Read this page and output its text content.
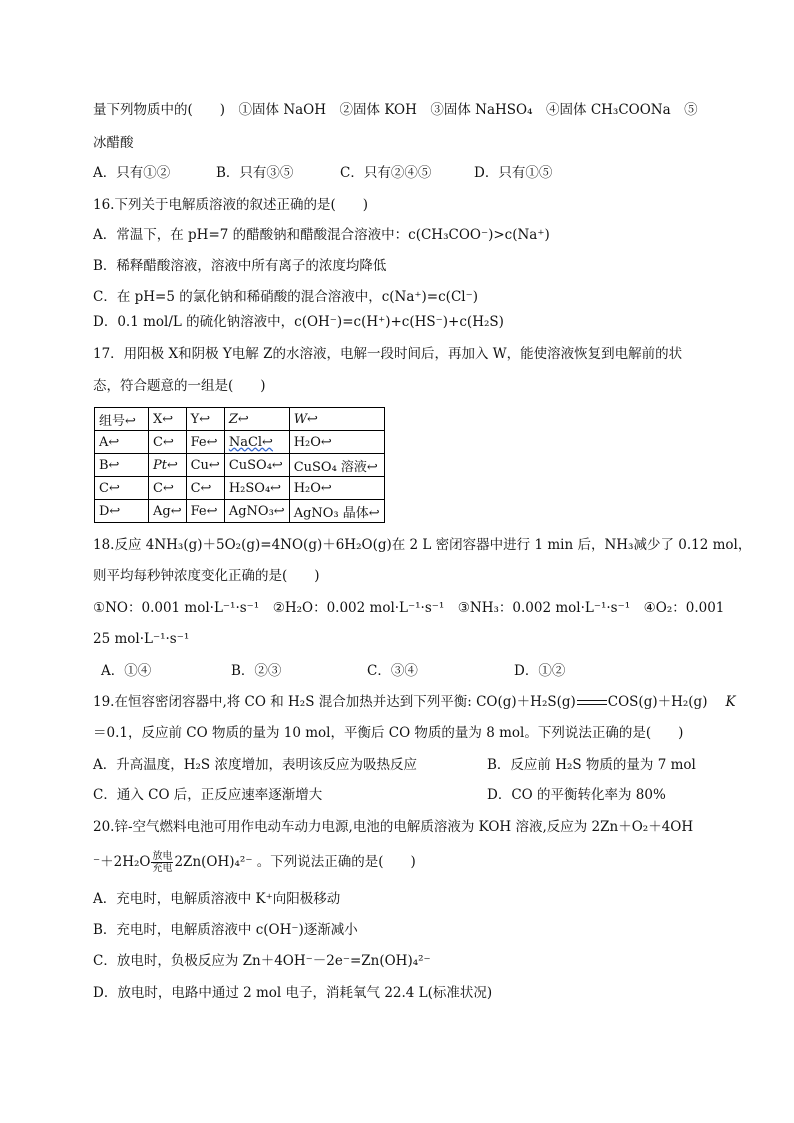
量下列物质中的(　　)　①固体 NaOH　②固体 KOH　③固体 NaHSO₄　④固体 CH₃COONa　⑤
冰醋酸
A．只有①②	B．只有③⑤	C．只有②④⑤	D．只有①⑤
16.下列关于电解质溶液的叙述正确的是(　　)
A．常温下，在 pH=7 的醋酸钠和醋酸混合溶液中：c(CH₃COO⁻)>c(Na⁺)
B．稀释醋酸溶液，溶液中所有离子的浓度均降低
C．在 pH=5 的氯化钠和稀硝酸的混合溶液中，c(Na⁺)=c(Cl⁻)
D．0.1 mol/L 的硫化钠溶液中，c(OH⁻)=c(H⁺)+c(HS⁻)+c(H₂S)
17．用阳极 X和阴极 Y电解 Z的水溶液，电解一段时间后，再加入 W，能使溶液恢复到电解前的状
态，符合题意的一组是(　　)
组号↩	X↩	Y↩	Z↩	W↩
A↩	C↩	Fe↩	NaCl↩	H₂O↩
B↩	Pt↩	Cu↩	CuSO₄↩	CuSO₄ 溶液↩
C↩	C↩	C↩	H₂SO₄↩	H₂O↩
D↩	Ag↩	Fe↩	AgNO₃↩	AgNO₃ 晶体↩
18.反应 4NH₃(g)＋5O₂(g)=4NO(g)＋6H₂O(g)在 2 L 密闭容器中进行 1 min 后，NH₃减少了 0.12 mol，
则平均每秒钟浓度变化正确的是(　　)
①NO：0.001 mol·L⁻¹·s⁻¹　②H₂O：0.002 mol·L⁻¹·s⁻¹　③NH₃：0.002 mol·L⁻¹·s⁻¹　④O₂：0.001
25 mol·L⁻¹·s⁻¹
A．①④	B．②③	C．③④	D．①②
19.在恒容密闭容器中,将 CO 和 H₂S 混合加热并达到下列平衡: CO(g)＋H₂S(g) COS(g)＋H₂(g) K
＝0.1，反应前 CO 物质的量为 10 mol，平衡后 CO 物质的量为 8 mol。下列说法正确的是(　　)
A．升高温度，H₂S 浓度增加，表明该反应为吸热反应	B．反应前 H₂S 物质的量为 7 mol
C．通入 CO 后，正反应速率逐渐增大	D．CO 的平衡转化率为 80%
20.锌-空气燃料电池可用作电动车动力电源,电池的电解质溶液为 KOH 溶液,反应为 2Zn＋O₂＋4OH
$^-+2H_2O \frac{\text{放电}}{\text{充电}} 2Zn(OH)_4^{2-}$ 。下列说法正确的是(　　)
A．充电时，电解质溶液中 K⁺向阳极移动
B．充电时，电解质溶液中 c(OH⁻)逐渐减小
C．放电时，负极反应为 Zn＋4OH⁻－2e⁻=Zn(OH)₄²⁻
D．放电时，电路中通过 2 mol 电子，消耗氧气 22.4 L(标准状况)
